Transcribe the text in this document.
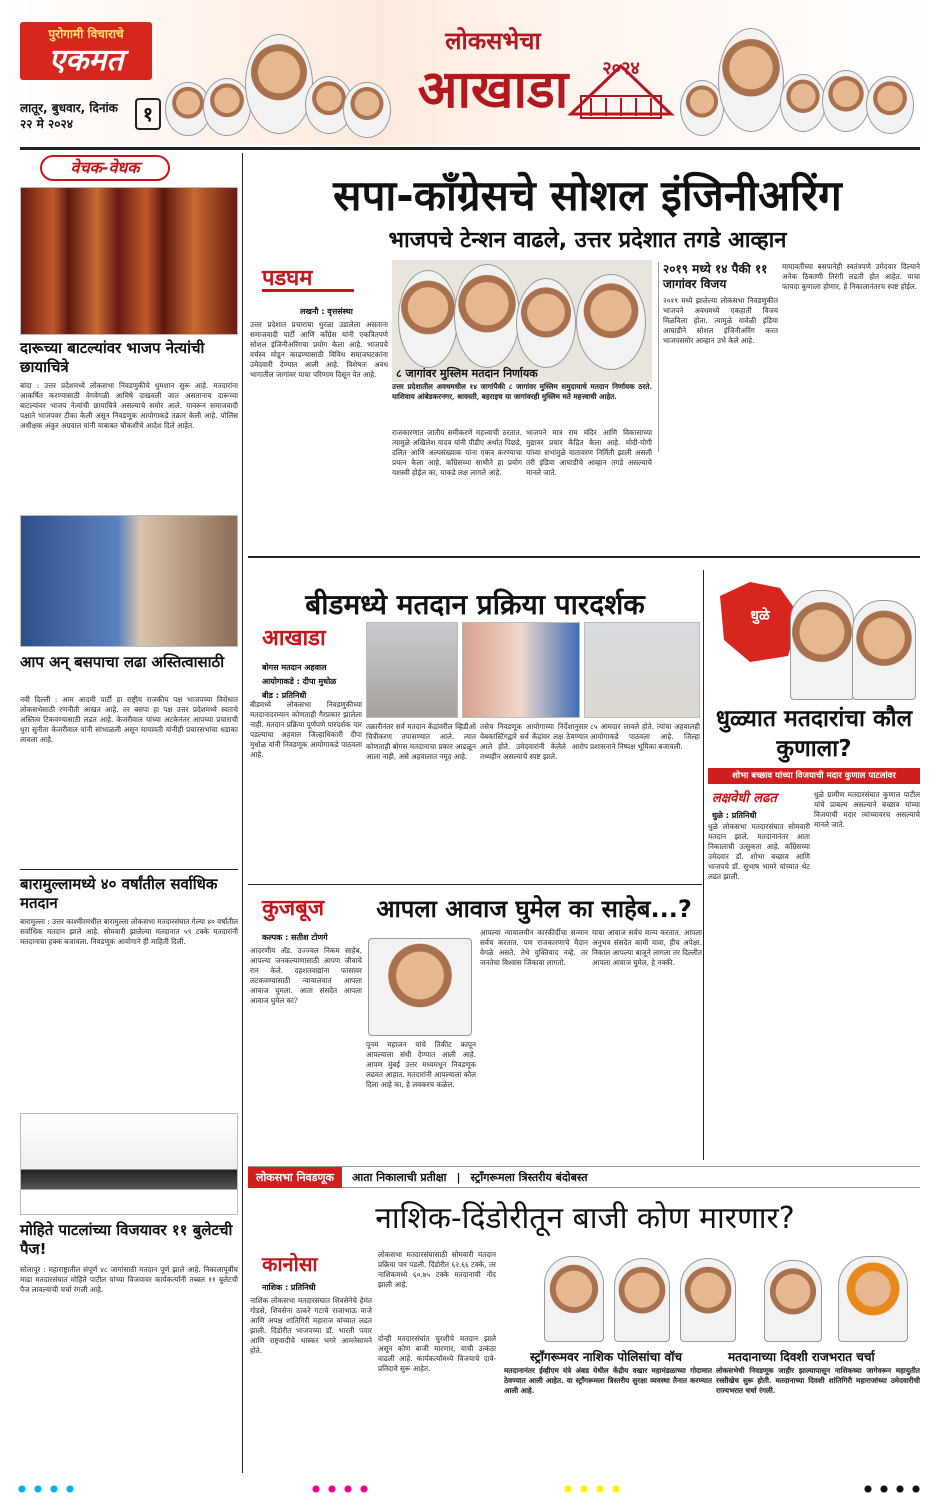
पुरोगामी विचाराचे
एकमत
लातूर, बुधवार, दिनांक २२ मे २०२४	१
लोकसभेचा
आखाडा	२०२४
वेचक-वेधक
दारूच्या बाटल्यांवर भाजप नेत्यांची छायाचित्रे
बांदा : उत्तर प्रदेशमध्ये लोकसभा निवडणुकीचे धुमशान सुरू आहे. मतदारांना आकर्षित करण्यासाठी वेगवेगळी आमिषे दाखवली जात असतानाच दारूच्या बाटल्यांवर भाजप नेत्यांची छायाचित्रे असल्याचे समोर आले. यावरून समाजवादी पक्षाने भाजपवर टीका केली असून निवडणूक आयोगाकडे तक्रार केली आहे. पोलिस अधीक्षक अंकुर अग्रवाल यांनी याबाबत चौकशीचे आदेश दिले आहेत.
आप अन् बसपाचा लढा अस्तित्वासाठी
नवी दिल्ली : आम आदमी पार्टी हा राष्ट्रीय राजकीय पक्ष भाजपच्या विरोधात लोकसभेसाठी रणनीती आखत आहे. तर बसपा हा पक्ष उत्तर प्रदेशमध्ये स्वतःचे अस्तित्व टिकवण्यासाठी लढत आहे. केजरीवाल यांच्या अटकेनंतर आपच्या प्रचाराची धुरा सुनीता केजरीवाल यांनी सांभाळली असून मायावती यांनीही प्रचारसभांचा धडाका लावला आहे.
बारामुल्लामध्ये ४० वर्षांतील सर्वाधिक मतदान
बारामुल्ला : उत्तर काश्मीरमधील बारामुल्ला लोकसभा मतदारसंघात गेल्या ४० वर्षांतील सर्वाधिक मतदान झाले आहे. सोमवारी झालेल्या मतदानात ५९ टक्के मतदारांनी मतदानाचा हक्क बजावला. निवडणूक आयोगाने ही माहिती दिली.
मोहिते पाटलांच्या विजयावर ११ बुलेटची पैज!
सोलापूर : महाराष्ट्रातील संपूर्ण ४८ जागांसाठी मतदान पूर्ण झाले आहे. निकालापूर्वीच माढा मतदारसंघात मोहिते पाटील यांच्या विजयावर कार्यकर्त्यांनी तब्बल ११ बुलेटची पैज लावल्याची चर्चा रंगली आहे.
सपा-काँग्रेसचे सोशल इंजिनीअरिंग
भाजपचे टेन्शन वाढले, उत्तर प्रदेशात तगडे आव्हान
पडघम
लखनौ : वृत्तसंस्था
उत्तर प्रदेशात प्रचाराचा धुरळा उडालेला असताना समाजवादी पार्टी आणि काँग्रेस यांनी एकत्रितपणे सोशल इंजिनीअरिंगचा प्रयोग केला आहे. भाजपचे वर्चस्व मोडून काढण्यासाठी विविध समाजघटकांना उमेदवारी देण्यात आली आहे. विशेषतः अवध भागातील जागांवर याचा परिणाम दिसून येत आहे.	८ जागांवर मुस्लिम मतदान निर्णायक
उत्तर प्रदेशातील अवधमधील १४ जागांपैकी ८ जागांवर मुस्लिम समुदायाचे मतदान निर्णायक ठरते. याशिवाय आंबेडकरनगर, श्रावस्ती, बहराइच या जागांवरही मुस्लिम मते महत्त्वाची आहेत.
२०१९ मध्ये १४ पैकी ११ जागांवर विजय
२०१९ मध्ये झालेल्या लोकसभा निवडणुकीत भाजपने अवधमध्ये एकहाती विजय मिळविला होता. त्यामुळे यावेळी इंडिया आघाडीने सोशल इंजिनीअरिंग करत भाजपसमोर आव्हान उभे केले आहे.
राजकारणात जातीय समीकरणे महत्त्वाची ठरतात. त्यामुळे अखिलेश यादव यांनी पीडीए अर्थात पिछडे, दलित आणि अल्पसंख्याक यांना एकत्र करण्याचा प्रयत्न केला आहे. काँग्रेसच्या साथीने हा प्रयोग यशस्वी होईल का, याकडे लक्ष लागले आहे.
भाजपने मात्र राम मंदिर आणि विकासाच्या मुद्यावर प्रचार केंद्रित केला आहे. मोदी-योगी यांच्या सभांमुळे वातावरण निर्मिती झाली असली तरी इंडिया आघाडीचे आव्हान तगडे असल्याचे मानले जाते.
मायावतींच्या बसपानेही स्वतंत्रपणे उमेदवार दिल्याने अनेक ठिकाणी तिरंगी लढती होत आहेत. याचा फायदा कुणाला होणार, हे निकालानंतरच स्पष्ट होईल.
बीडमध्ये मतदान प्रक्रिया पारदर्शक
आखाडा
बोगस मतदान अहवाल
आयोगाकडे : दीपा मुधोळ
बीड : प्रतिनिधी
बीडमध्ये लोकसभा निवडणुकीच्या मतदानादरम्यान कोणताही गैरप्रकार झालेला नाही. मतदान प्रक्रिया पूर्णपणे पारदर्शक पार पडल्याचा अहवाल जिल्हाधिकारी दीपा मुधोळ यांनी निवडणूक आयोगाकडे पाठवला आहे.
तक्रारीनंतर सर्व मतदान केंद्रांवरील व्हिडीओ चित्रीकरण तपासण्यात आले. त्यात कोणताही बोगस मतदानाचा प्रकार आढळून आला नाही, असे अहवालात नमूद आहे.
तसेच निवडणूक आयोगाच्या निर्देशानुसार वेबकास्टिंगद्वारे सर्व केंद्रांवर लक्ष ठेवण्यात आले होते. उमेदवारांनी केलेले आरोप तथ्यहीन असल्याचे स्पष्ट झाले.
८५ आमदार लावले होते. त्यांचा अहवालही आयोगाकडे पाठवला आहे. जिल्हा प्रशासनाने निष्पक्ष भूमिका बजावली.
धुळे
धुळ्यात मतदारांचा कौल कुणाला?
शोभा बच्छाव यांच्या विजयाची मदार कुणाल पाटलांवर
लक्षवेधी लढत
धुळे : प्रतिनिधी
धुळे लोकसभा मतदारसंघात सोमवारी मतदान झाले. मतदानानंतर आता निकालाची उत्सुकता आहे. काँग्रेसच्या उमेदवार डॉ. शोभा बच्छाव आणि भाजपचे डॉ. सुभाष भामरे यांच्यात थेट लढत झाली.
धुळे ग्रामीण मतदारसंघात कुणाल पाटील यांचे प्राबल्य असल्याने बच्छाव यांच्या विजयाची मदार त्यांच्यावरच असल्याचे मानले जाते.
कुजबूज	आपला आवाज घुमेल का साहेब...?
कल्पक : सतीश टोणगे
आदरणीय अ‍ॅड. उज्ज्वल निकम साहेब, आपल्या जनकल्याणासाठी आपण जीवाचे रान केले. दहशतवाद्यांना फासावर लटकवण्यासाठी न्यायालयात आपला आवाज घुमला. आता संसदेत आपला आवाज घुमेल का?
पूनम महाजन यांचे तिकीट कापून आपल्याला संधी देण्यात आली आहे. आपण मुंबई उत्तर मध्यमधून निवडणूक लढवत आहात. मतदारांनी आपल्याला कौल दिला आहे का, हे लवकरच कळेल.
आपल्या न्यायालयीन कारकीर्दीचा सन्मान सर्वच करतात. पण राजकारणाचे मैदान वेगळे असते. तेथे युक्तिवाद नव्हे, तर जनतेचा विश्वास जिंकावा लागतो.
याचा आवाज सर्वच मान्य करतात. आपला अनुभव संसदेत कामी यावा, हीच अपेक्षा. निकाल आपल्या बाजूने लागला तर दिल्लीत आपला आवाज घुमेल, हे नक्की.
लोकसभा निवडणूक	आता निकालाची प्रतीक्षा | स्ट्राँगरूमला त्रिस्तरीय बंदोबस्त
नाशिक-दिंडोरीतून बाजी कोण मारणार?
कानोसा
नाशिक : प्रतिनिधी
नाशिक लोकसभा मतदारसंघात शिवसेनेचे हेमंत गोडसे, शिवसेना ठाकरे गटाचे राजाभाऊ वाजे आणि अपक्ष शांतिगिरी महाराज यांच्यात लढत झाली. दिंडोरीत भाजपच्या डॉ. भारती पवार आणि राष्ट्रवादीचे भास्कर भगरे आमनेसामने होते.
लोकसभा मतदारसंघासाठी सोमवारी मतदान प्रक्रिया पार पडली. दिंडोरीत ६२.६६ टक्के, तर नाशिकमध्ये ६०.७५ टक्के मतदानाची नोंद झाली आहे.
दोन्ही मतदारसंघांत चुरशीचे मतदान झाले असून कोण बाजी मारणार, याची उत्कंठा वाढली आहे. कार्यकर्त्यांमध्ये विजयाचे दावे-प्रतिदावे सुरू आहेत.
स्ट्राँगरूमवर नाशिक पोलिसांचा वॉच
मतदानानंतर ईव्हीएम यंत्रे अंबड येथील केंद्रीय वखार महामंडळाच्या गोदामात ठेवण्यात आली आहेत. या स्ट्राँगरूमला त्रिस्तरीय सुरक्षा व्यवस्था तैनात करण्यात आली आहे.
मतदानाच्या दिवशी राजभरात चर्चा
लोकसभेची निवडणूक जाहीर झाल्यापासून नाशिकच्या जागेवरून महायुतीत रस्सीखेच सुरू होती. मतदानाच्या दिवशी शांतिगिरी महाराजांच्या उमेदवारीची राज्यभरात चर्चा रंगली.
